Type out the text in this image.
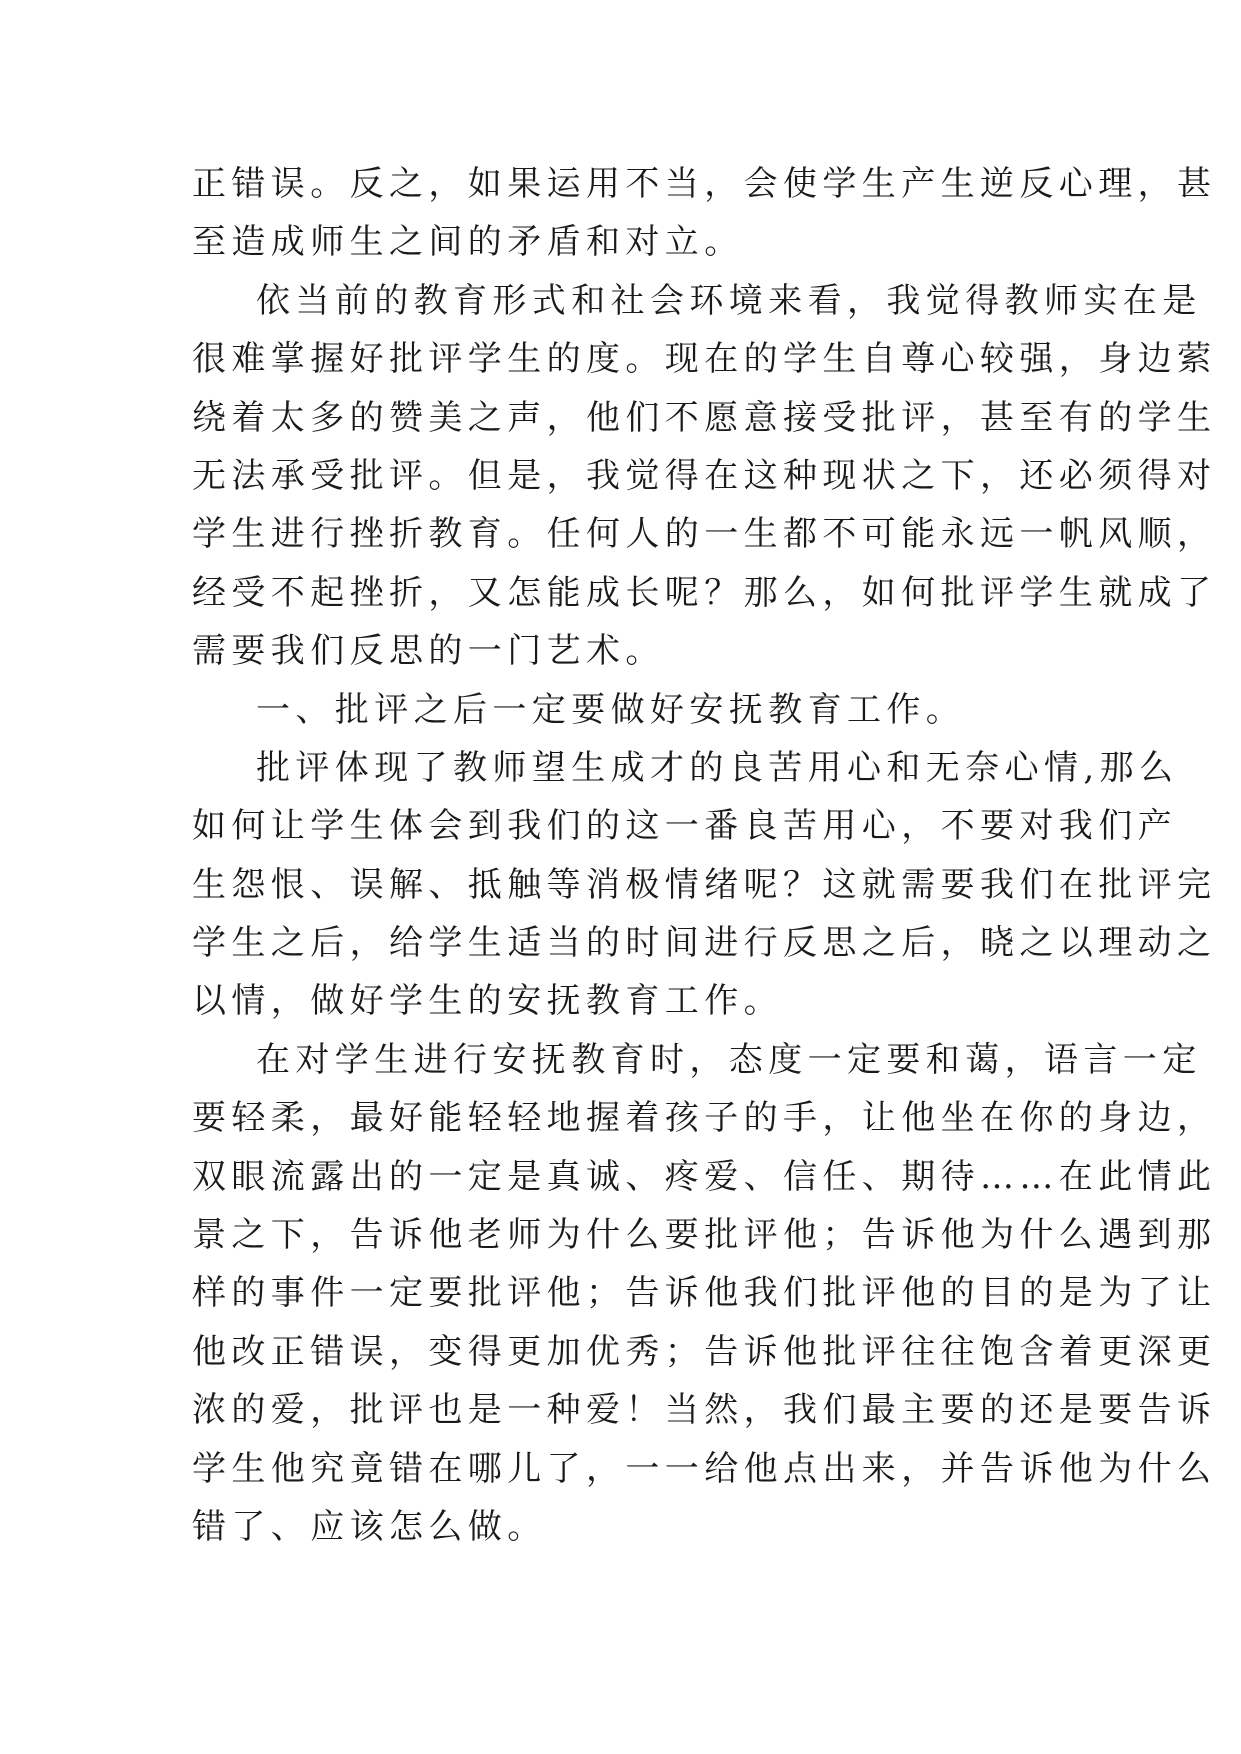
正错误。反之，如果运用不当，会使学生产生逆反心理，甚
至造成师生之间的矛盾和对立。
依当前的教育形式和社会环境来看，我觉得教师实在是
很难掌握好批评学生的度。现在的学生自尊心较强，身边萦
绕着太多的赞美之声，他们不愿意接受批评，甚至有的学生
无法承受批评。但是，我觉得在这种现状之下，还必须得对
学生进行挫折教育。任何人的一生都不可能永远一帆风顺，
经受不起挫折，又怎能成长呢？那么，如何批评学生就成了
需要我们反思的一门艺术。
一、批评之后一定要做好安抚教育工作。
批评体现了教师望生成才的良苦用心和无奈心情,那么
如何让学生体会到我们的这一番良苦用心，不要对我们产
生怨恨、误解、抵触等消极情绪呢？这就需要我们在批评完
学生之后，给学生适当的时间进行反思之后，晓之以理动之
以情，做好学生的安抚教育工作。
在对学生进行安抚教育时，态度一定要和蔼，语言一定
要轻柔，最好能轻轻地握着孩子的手，让他坐在你的身边，
双眼流露出的一定是真诚、疼爱、信任、期待……在此情此
景之下，告诉他老师为什么要批评他；告诉他为什么遇到那
样的事件一定要批评他；告诉他我们批评他的目的是为了让
他改正错误，变得更加优秀；告诉他批评往往饱含着更深更
浓的爱，批评也是一种爱！当然，我们最主要的还是要告诉
学生他究竟错在哪儿了，一一给他点出来，并告诉他为什么
错了、应该怎么做。
